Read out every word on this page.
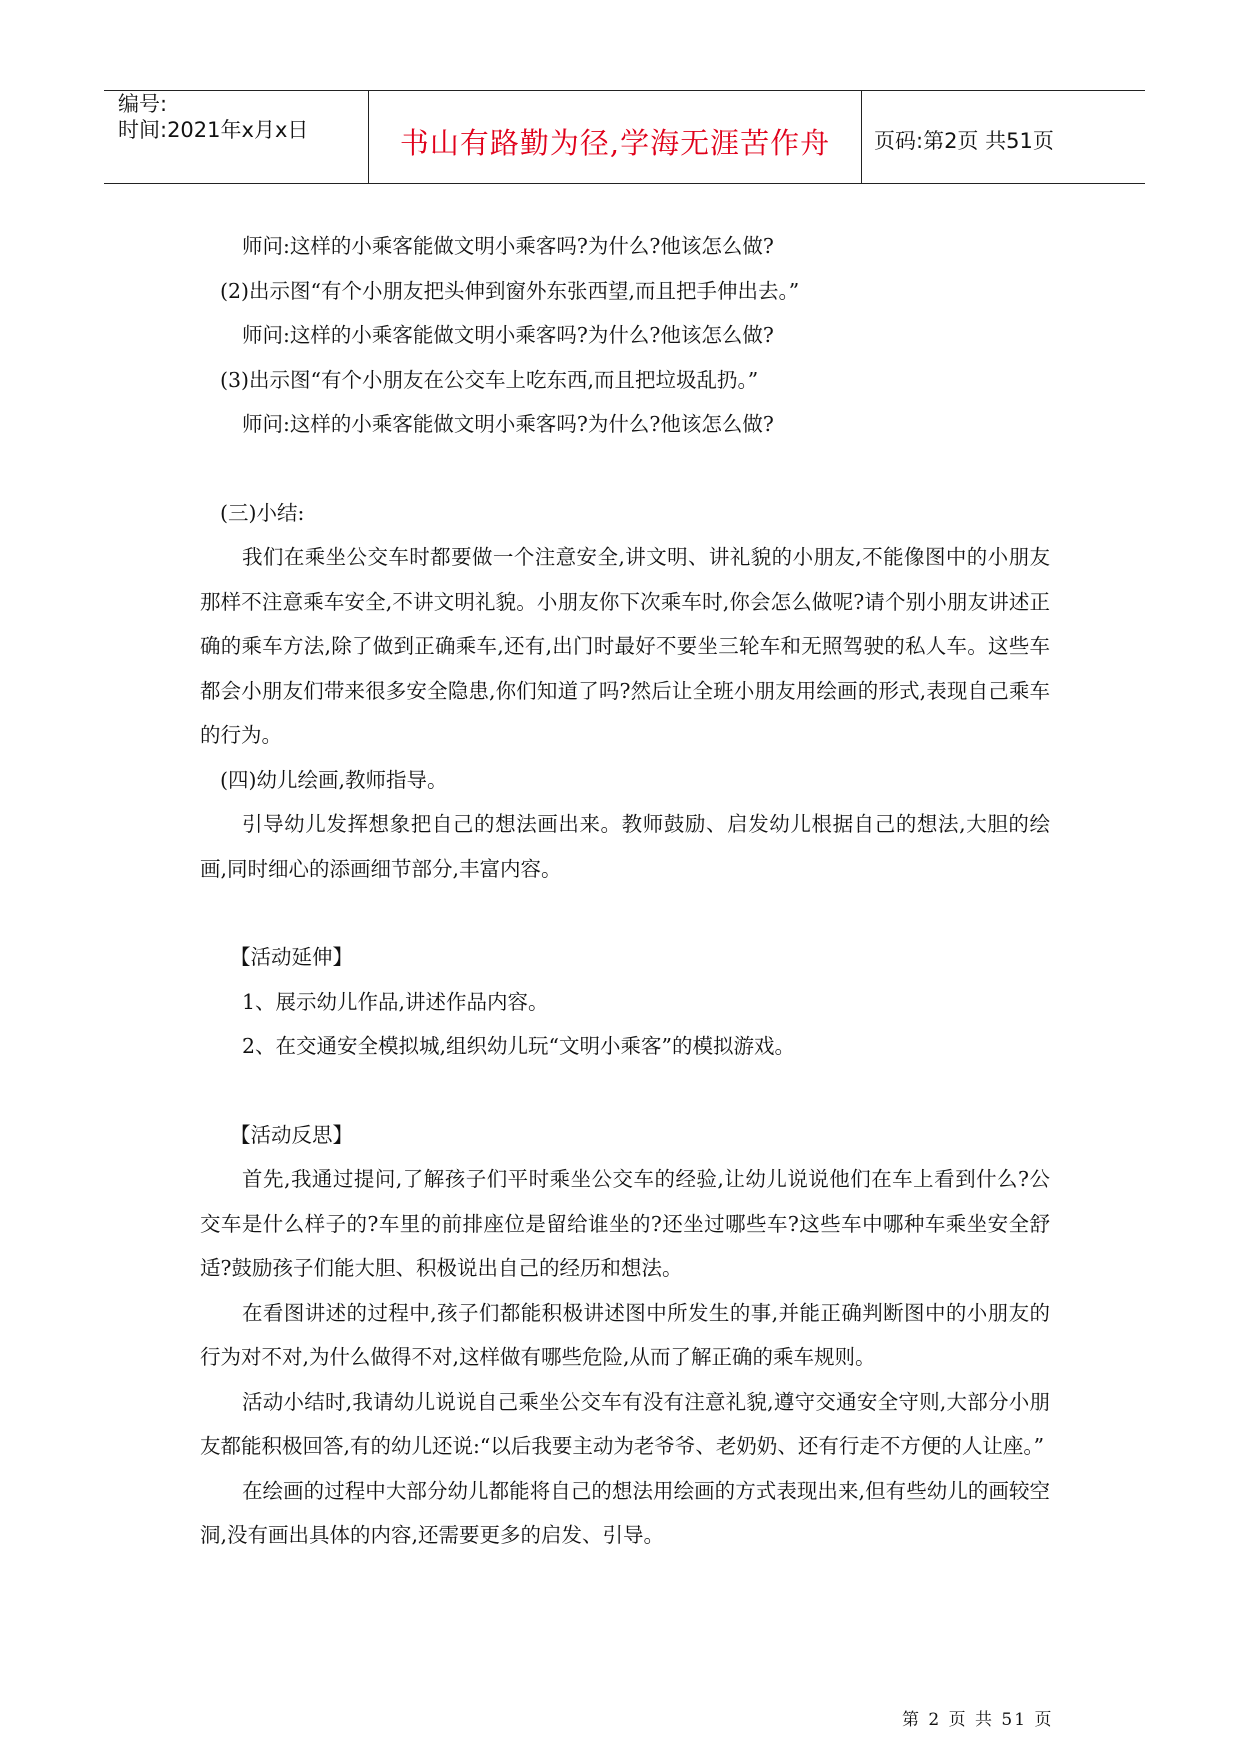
编号:
时间:2021年x月x日	书山有路勤为径,学海无涯苦作舟	页码:第2页 共51页

师问:这样的小乘客能做文明小乘客吗?为什么?他该怎么做?

(2)出示图“有个小朋友把头伸到窗外东张西望,而且把手伸出去。”

师问:这样的小乘客能做文明小乘客吗?为什么?他该怎么做?

(3)出示图“有个小朋友在公交车上吃东西,而且把垃圾乱扔。”

师问:这样的小乘客能做文明小乘客吗?为什么?他该怎么做?

(三)小结:

我们在乘坐公交车时都要做一个注意安全,讲文明、讲礼貌的小朋友,不能像图中的小朋友那样不注意乘车安全,不讲文明礼貌。小朋友你下次乘车时,你会怎么做呢?请个别小朋友讲述正确的乘车方法,除了做到正确乘车,还有,出门时最好不要坐三轮车和无照驾驶的私人车。这些车都会小朋友们带来很多安全隐患,你们知道了吗?然后让全班小朋友用绘画的形式,表现自己乘车的行为。

(四)幼儿绘画,教师指导。

引导幼儿发挥想象把自己的想法画出来。教师鼓励、启发幼儿根据自己的想法,大胆的绘画,同时细心的添画细节部分,丰富内容。

【活动延伸】

1、展示幼儿作品,讲述作品内容。

2、在交通安全模拟城,组织幼儿玩“文明小乘客”的模拟游戏。

【活动反思】

首先,我通过提问,了解孩子们平时乘坐公交车的经验,让幼儿说说他们在车上看到什么?公交车是什么样子的?车里的前排座位是留给谁坐的?还坐过哪些车?这些车中哪种车乘坐安全舒适?鼓励孩子们能大胆、积极说出自己的经历和想法。

在看图讲述的过程中,孩子们都能积极讲述图中所发生的事,并能正确判断图中的小朋友的行为对不对,为什么做得不对,这样做有哪些危险,从而了解正确的乘车规则。

活动小结时,我请幼儿说说自己乘坐公交车有没有注意礼貌,遵守交通安全守则,大部分小朋友都能积极回答,有的幼儿还说:“以后我要主动为老爷爷、老奶奶、还有行走不方便的人让座。”

在绘画的过程中大部分幼儿都能将自己的想法用绘画的方式表现出来,但有些幼儿的画较空洞,没有画出具体的内容,还需要更多的启发、引导。

第 2 页 共 51 页
